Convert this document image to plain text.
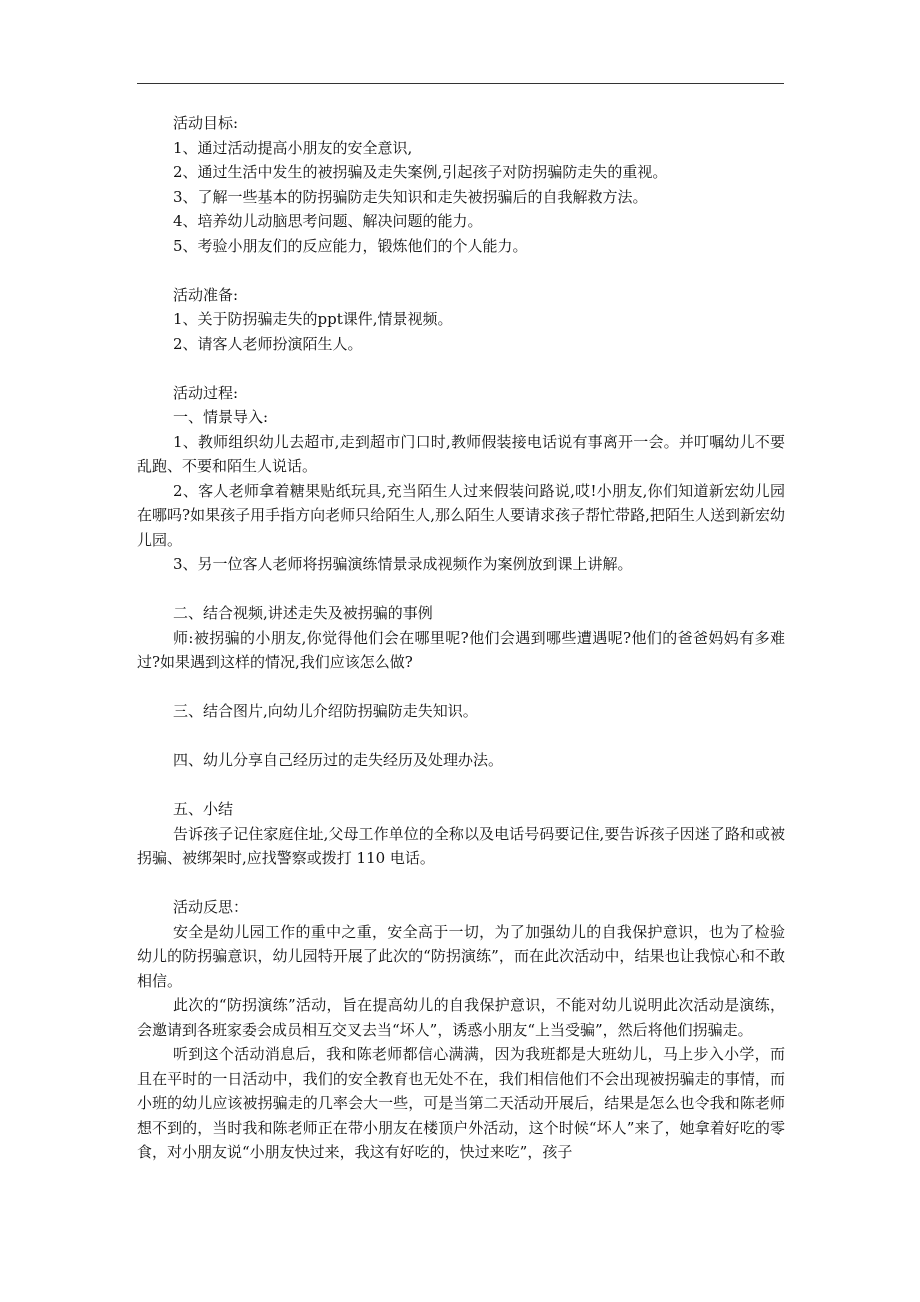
活动目标:

1、通过活动提高小朋友的安全意识,

2、通过生活中发生的被拐骗及走失案例,引起孩子对防拐骗防走失的重视。

3、了解一些基本的防拐骗防走失知识和走失被拐骗后的自我解救方法。

4、培养幼儿动脑思考问题、解决问题的能力。

5、考验小朋友们的反应能力，锻炼他们的个人能力。

活动准备:

1、关于防拐骗走失的ppt课件,情景视频。

2、请客人老师扮演陌生人。

活动过程:

一、情景导入:

1、教师组织幼儿去超市,走到超市门口时,教师假装接电话说有事离开一会。并叮嘱幼儿不要乱跑、不要和陌生人说话。

2、客人老师拿着糖果贴纸玩具,充当陌生人过来假装问路说,哎!小朋友,你们知道新宏幼儿园在哪吗?如果孩子用手指方向老师只给陌生人,那么陌生人要请求孩子帮忙带路,把陌生人送到新宏幼儿园。

3、另一位客人老师将拐骗演练情景录成视频作为案例放到课上讲解。

二、结合视频,讲述走失及被拐骗的事例

师:被拐骗的小朋友,你觉得他们会在哪里呢?他们会遇到哪些遭遇呢?他们的爸爸妈妈有多难过?如果遇到这样的情况,我们应该怎么做?

三、结合图片,向幼儿介绍防拐骗防走失知识。

四、幼儿分享自己经历过的走失经历及处理办法。

五、小结

告诉孩子记住家庭住址,父母工作单位的全称以及电话号码要记住,要告诉孩子因迷了路和或被拐骗、被绑架时,应找警察或拨打 110 电话。

活动反思：

安全是幼儿园工作的重中之重，安全高于一切，为了加强幼儿的自我保护意识，也为了检验幼儿的防拐骗意识，幼儿园特开展了此次的“防拐演练”，而在此次活动中，结果也让我惊心和不敢相信。

此次的“防拐演练”活动，旨在提高幼儿的自我保护意识，不能对幼儿说明此次活动是演练，会邀请到各班家委会成员相互交叉去当“坏人”，诱惑小朋友“上当受骗”，然后将他们拐骗走。

听到这个活动消息后，我和陈老师都信心满满，因为我班都是大班幼儿，马上步入小学，而且在平时的一日活动中，我们的安全教育也无处不在，我们相信他们不会出现被拐骗走的事情，而小班的幼儿应该被拐骗走的几率会大一些，可是当第二天活动开展后，结果是怎么也令我和陈老师想不到的，当时我和陈老师正在带小朋友在楼顶户外活动，这个时候“坏人”来了，她拿着好吃的零食，对小朋友说“小朋友快过来，我这有好吃的，快过来吃”，孩子
